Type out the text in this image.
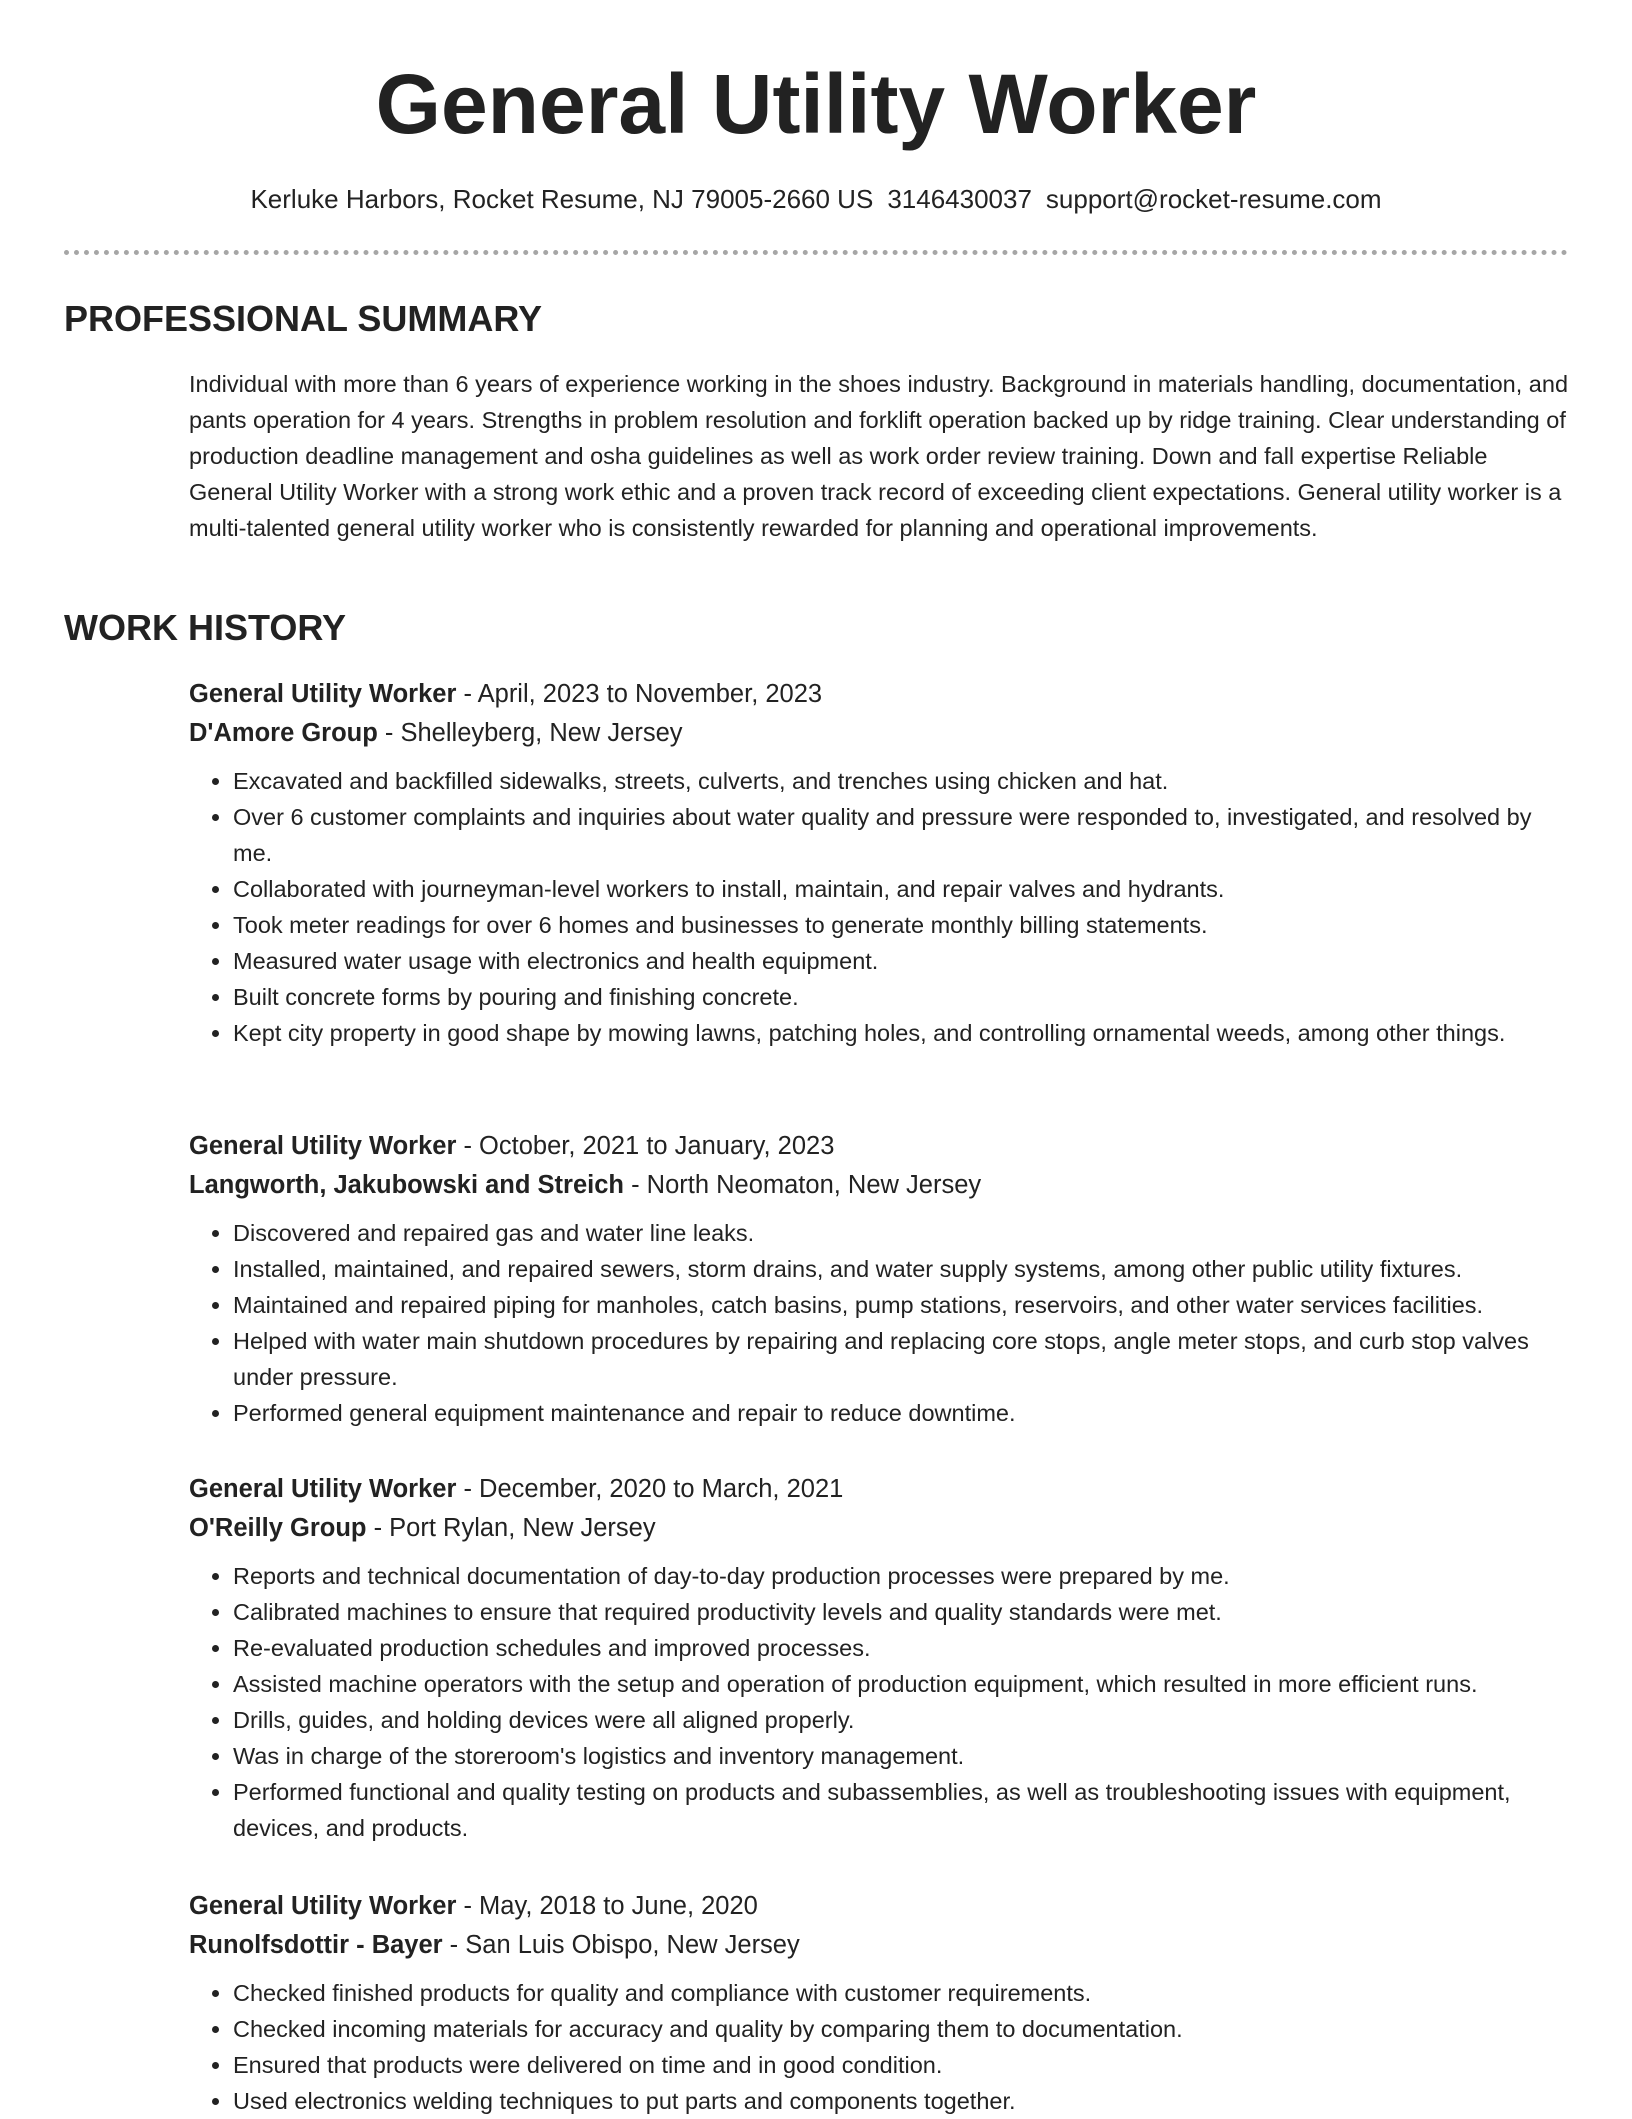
General Utility Worker
Kerluke Harbors, Rocket Resume, NJ 79005-2660 US 3146430037 support@rocket-resume.com
PROFESSIONAL SUMMARY

Individual with more than 6 years of experience working in the shoes industry. Background in materials handling, documentation, and pants operation for 4 years. Strengths in problem resolution and forklift operation backed up by ridge training. Clear understanding of production deadline management and osha guidelines as well as work order review training. Down and fall expertise Reliable General Utility Worker with a strong work ethic and a proven track record of exceeding client expectations. General utility worker is a multi-talented general utility worker who is consistently rewarded for planning and operational improvements.

WORK HISTORY
General Utility Worker - April, 2023 to November, 2023
D'Amore Group - Shelleyberg, New Jersey
• Excavated and backfilled sidewalks, streets, culverts, and trenches using chicken and hat.
• Over 6 customer complaints and inquiries about water quality and pressure were responded to, investigated, and resolved by me.
• Collaborated with journeyman-level workers to install, maintain, and repair valves and hydrants.
• Took meter readings for over 6 homes and businesses to generate monthly billing statements.
• Measured water usage with electronics and health equipment.
• Built concrete forms by pouring and finishing concrete.
• Kept city property in good shape by mowing lawns, patching holes, and controlling ornamental weeds, among other things.
General Utility Worker - October, 2021 to January, 2023
Langworth, Jakubowski and Streich - North Neomaton, New Jersey
• Discovered and repaired gas and water line leaks.
• Installed, maintained, and repaired sewers, storm drains, and water supply systems, among other public utility fixtures.
• Maintained and repaired piping for manholes, catch basins, pump stations, reservoirs, and other water services facilities.
• Helped with water main shutdown procedures by repairing and replacing core stops, angle meter stops, and curb stop valves under pressure.
• Performed general equipment maintenance and repair to reduce downtime.
General Utility Worker - December, 2020 to March, 2021
O'Reilly Group - Port Rylan, New Jersey
• Reports and technical documentation of day-to-day production processes were prepared by me.
• Calibrated machines to ensure that required productivity levels and quality standards were met.
• Re-evaluated production schedules and improved processes.
• Assisted machine operators with the setup and operation of production equipment, which resulted in more efficient runs.
• Drills, guides, and holding devices were all aligned properly.
• Was in charge of the storeroom's logistics and inventory management.
• Performed functional and quality testing on products and subassemblies, as well as troubleshooting issues with equipment, devices, and products.
General Utility Worker - May, 2018 to June, 2020
Runolfsdottir - Bayer - San Luis Obispo, New Jersey
• Checked finished products for quality and compliance with customer requirements.
• Checked incoming materials for accuracy and quality by comparing them to documentation.
• Ensured that products were delivered on time and in good condition.
• Used electronics welding techniques to put parts and components together.
